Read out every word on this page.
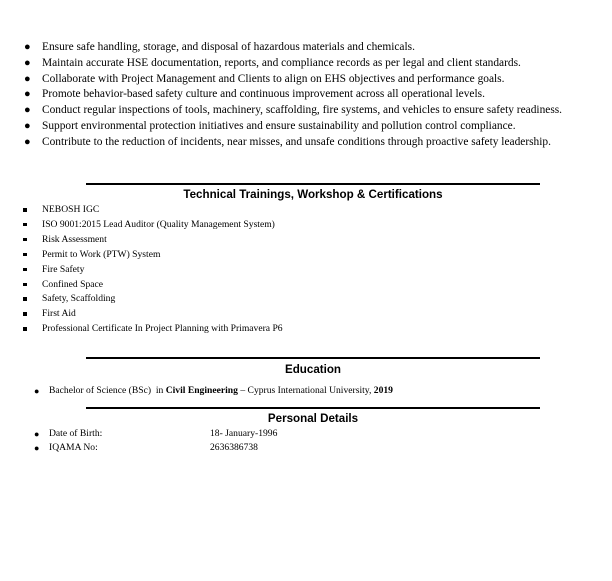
● Ensure safe handling, storage, and disposal of hazardous materials and chemicals.
● Maintain accurate HSE documentation, reports, and compliance records as per legal and client standards.
● Collaborate with Project Management and Clients to align on EHS objectives and performance goals.
● Promote behavior-based safety culture and continuous improvement across all operational levels.
● Conduct regular inspections of tools, machinery, scaffolding, fire systems, and vehicles to ensure safety readiness.
● Support environmental protection initiatives and ensure sustainability and pollution control compliance.
● Contribute to the reduction of incidents, near misses, and unsafe conditions through proactive safety leadership.
Technical Trainings, Workshop & Certifications
NEBOSH IGC
ISO 9001:2015 Lead Auditor (Quality Management System)
Risk Assessment
Permit to Work (PTW) System
Fire Safety
Confined Space
Safety, Scaffolding
First Aid
Professional Certificate In Project Planning with Primavera P6
Education
● Bachelor of Science (BSc) in Civil Engineering – Cyprus International University, 2019
Personal Details
● Date of Birth:	18- January-1996
● IQAMA No:	2636386738
